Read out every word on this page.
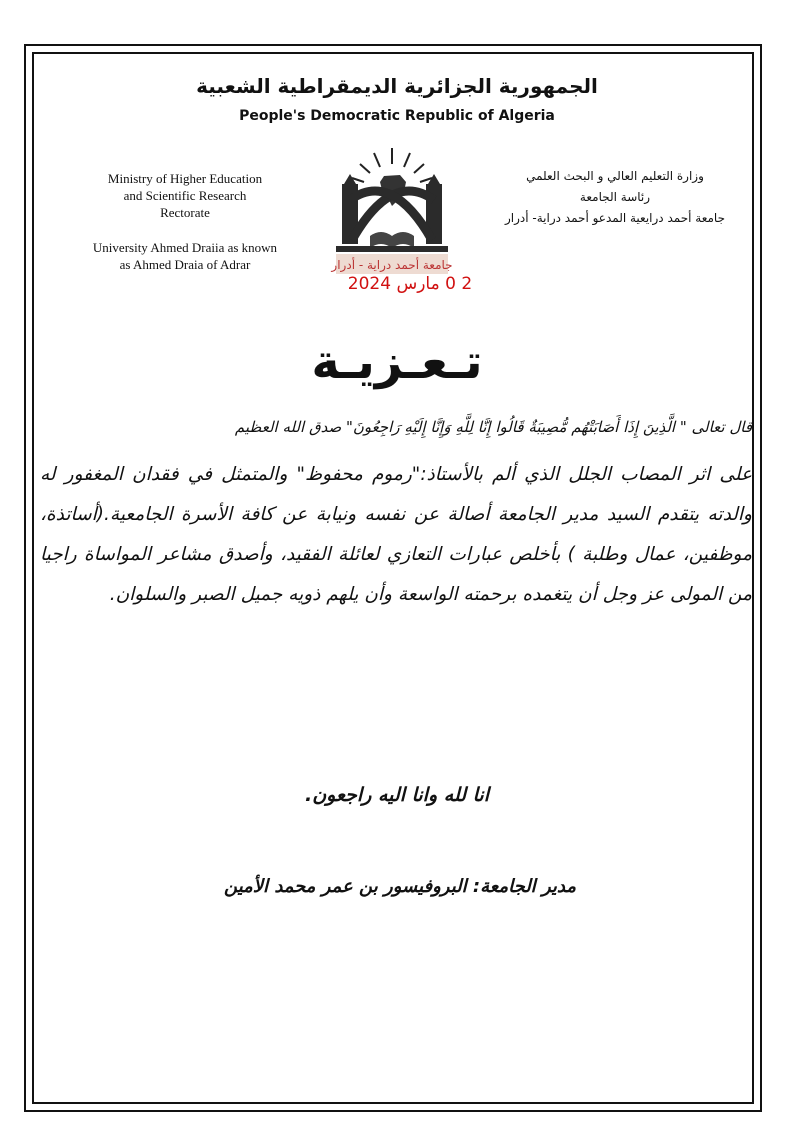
الجمهورية الجزائرية الديمقراطية الشعبية
People's Democratic Republic of Algeria
Ministry of Higher Education
and Scientific Research
Rectorate
University Ahmed Draiia as known
as Ahmed Draia of Adrar
وزارة التعليم العالي و البحث العلمي
رئاسة الجامعة
جامعة أحمد درايعية المدعو أحمد دراية- أدرار
جامعة أحمد دراية - أدرار
2 0 مارس 2024
تـعـزيـة
قال تعالى " الَّذِينَ إِذَا أَصَابَتْهُم مُّصِيبَةٌ قَالُوا إِنَّا لِلَّهِ وَإِنَّا إِلَيْهِ رَاجِعُونَ" صدق الله العظيم
على اثر المصاب الجلل الذي ألم بالأستاذ:"رموم محفوظ" والمتمثل في فقدان المغفور له والدته يتقدم السيد مدير الجامعة أصالة عن نفسه ونيابة عن كافة الأسرة الجامعية.(أساتذة، موظفين، عمال وطلبة ) بأخلص عبارات التعازي لعائلة الفقيد، وأصدق مشاعر المواساة راجيا من المولى عز وجل أن يتغمده برحمته الواسعة وأن يلهم ذويه جميل الصبر والسلوان.
انا لله وانا اليه راجعون.
مدير الجامعة: البروفيسور بن عمر محمد الأمين
